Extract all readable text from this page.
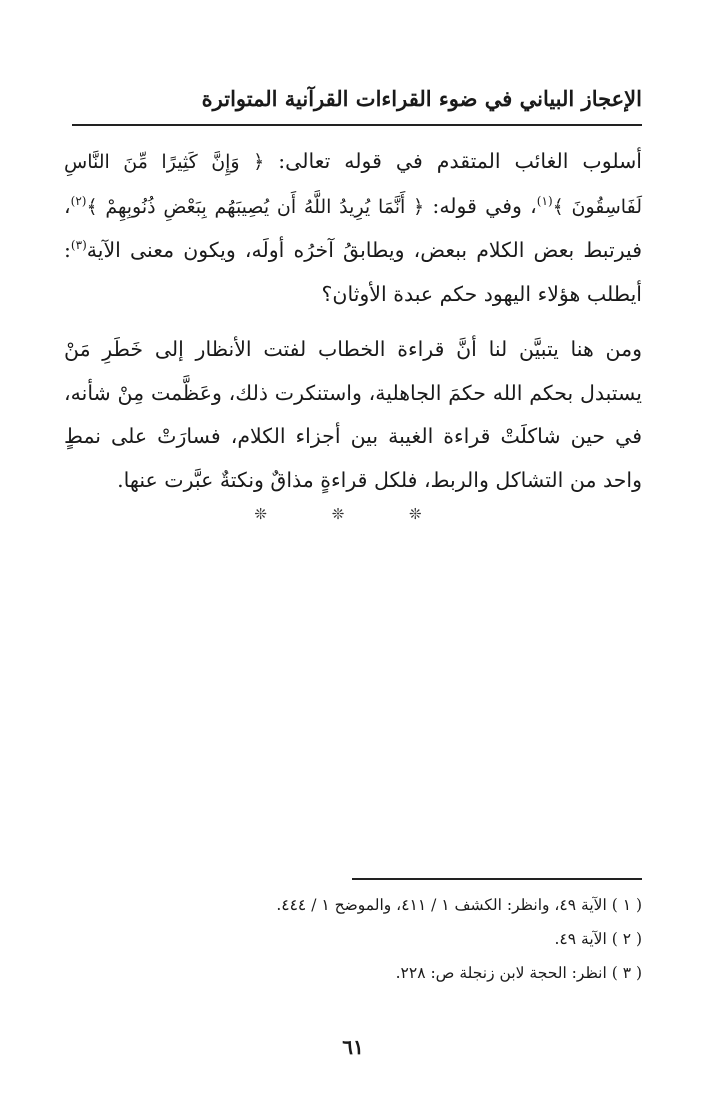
الإعجاز البياني في ضوء القراءات القرآنية المتواترة

أسلوب الغائب المتقدم في قوله تعالى: ﴿ وَإِنَّ كَثِيرًا مِّنَ النَّاسِ لَفَاسِقُونَ ﴾$^{(١)}$، وفي قوله: ﴿ أَنَّمَا يُرِيدُ اللَّهُ أَن يُصِيبَهُم بِبَعْضِ ذُنُوبِهِمْ ﴾$^{(٢)}$، فيرتبط بعض الكلام ببعض، ويطابقُ آخرُه أولَه، ويكون معنى الآية$^{(٣)}$: أيطلب هؤلاء اليهود حكم عبدة الأوثان؟

ومن هنا يتبيَّن لنا أنَّ قراءة الخطاب لفتت الأنظار إلى خَطَرِ مَنْ يستبدل بحكم الله حكمَ الجاهلية، واستنكرت ذلك، وعَظَّمت مِنْ شأنه، في حين شاكلَتْ قراءة الغيبة بين أجزاء الكلام، فسارَتْ على نمطٍ واحد من التشاكل والربط، فلكل قراءةٍ مذاقٌ ونكتةٌ عبَّرت عنها.

❊ ❊ ❊

( ١ ) الآية ٤٩، وانظر: الكشف ١ / ٤١١، والموضح ١ / ٤٤٤.

( ٢ ) الآية ٤٩.

( ٣ ) انظر: الحجة لابن زنجلة ص: ٢٢٨.

٦١
